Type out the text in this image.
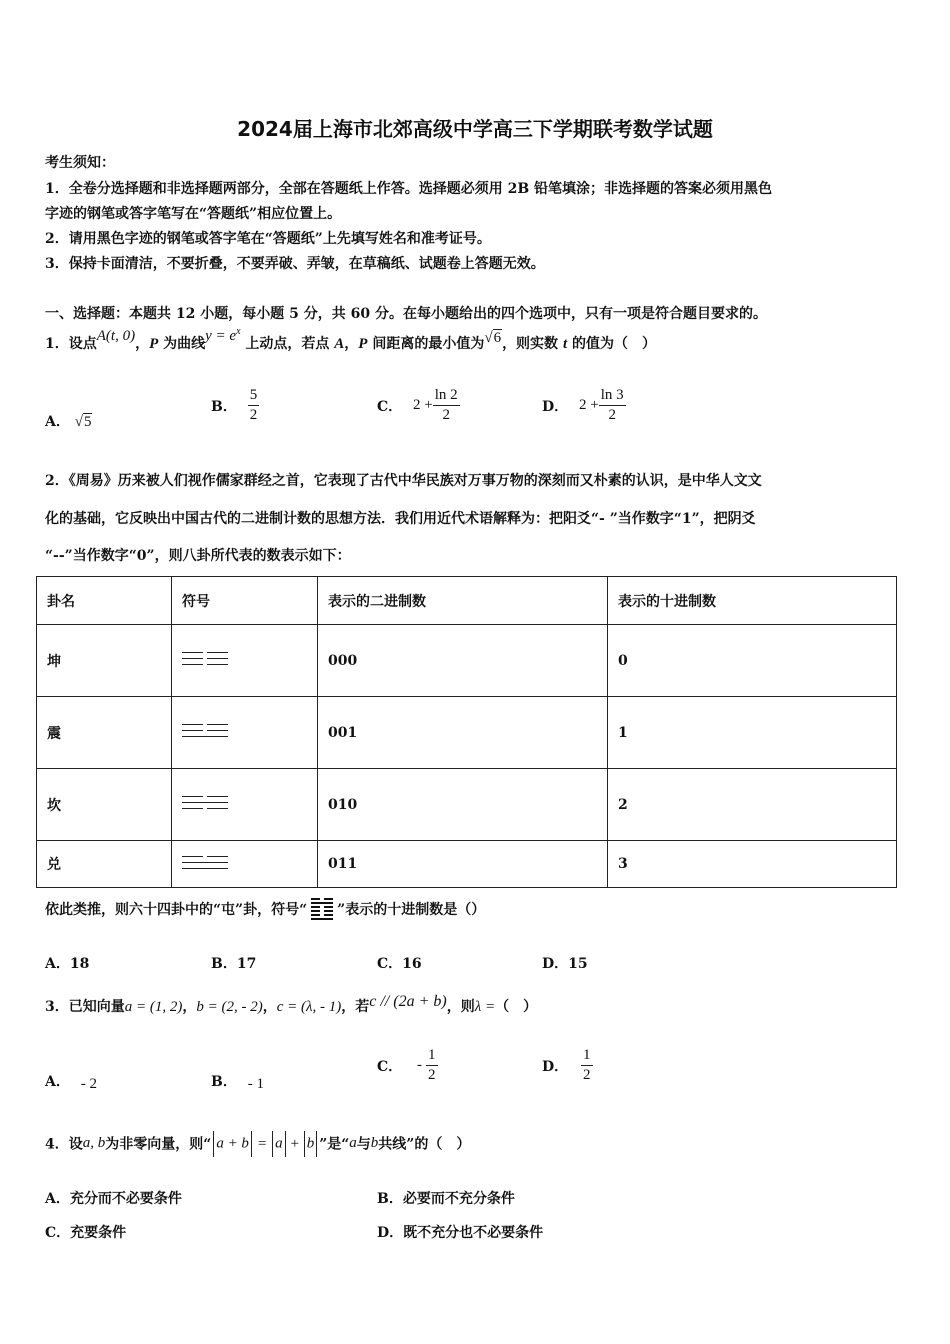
2024届上海市北郊高级中学高三下学期联考数学试题
考生须知：
1．全卷分选择题和非选择题两部分，全部在答题纸上作答。选择题必须用 2B 铅笔填涂；非选择题的答案必须用黑色
字迹的钢笔或答字笔写在“答题纸”相应位置上。
2．请用黑色字迹的钢笔或答字笔在“答题纸”上先填写姓名和准考证号。
3．保持卡面清洁，不要折叠，不要弄破、弄皱，在草稿纸、试题卷上答题无效。
一、选择题：本题共 12 小题，每小题 5 分，共 60 分。在每小题给出的四个选项中，只有一项是符合题目要求的。
1．设点A(t, 0)，P 为曲线$y = e^x$ 上动点，若点 A，P 间距离的最小值为√6，则实数 t 的值为（　）
A． √5
B． $\frac{5}{2}$	C． $2 + \frac{\ln 2}{2}$	D． $2 + \frac{\ln 3}{2}$
2．《周易》历来被人们视作儒家群经之首，它表现了古代中华民族对万事万物的深刻而又朴素的认识，是中华人文文
化的基础，它反映出中国古代的二进制计数的思想方法．我们用近代术语解释为：把阳爻“- ”当作数字“1”，把阴爻
“--”当作数字“0”，则八卦所代表的数表示如下：
卦名	符号	表示的二进制数	表示的十进制数
坤		000	0
震		001	1
坎		010	2
兑		011	3
依此类推，则六十四卦中的“屯”卦，符号“ ”表示的十进制数是（）
A．18	B．17	C．16	D．15
3．已知向量a = (1, 2)，b = (2, - 2)，c = (λ, - 1)，若c // (2a + b)，则λ =（　）
A． - 2	B． - 1
C． - $\frac{1}{2}$	D． $\frac{1}{2}$
4．设a, b为非零向量，则“ a + b = a + b ”是“a与b共线”的（　）
A．充分而不必要条件	B．必要而不充分条件
C．充要条件	D．既不充分也不必要条件
